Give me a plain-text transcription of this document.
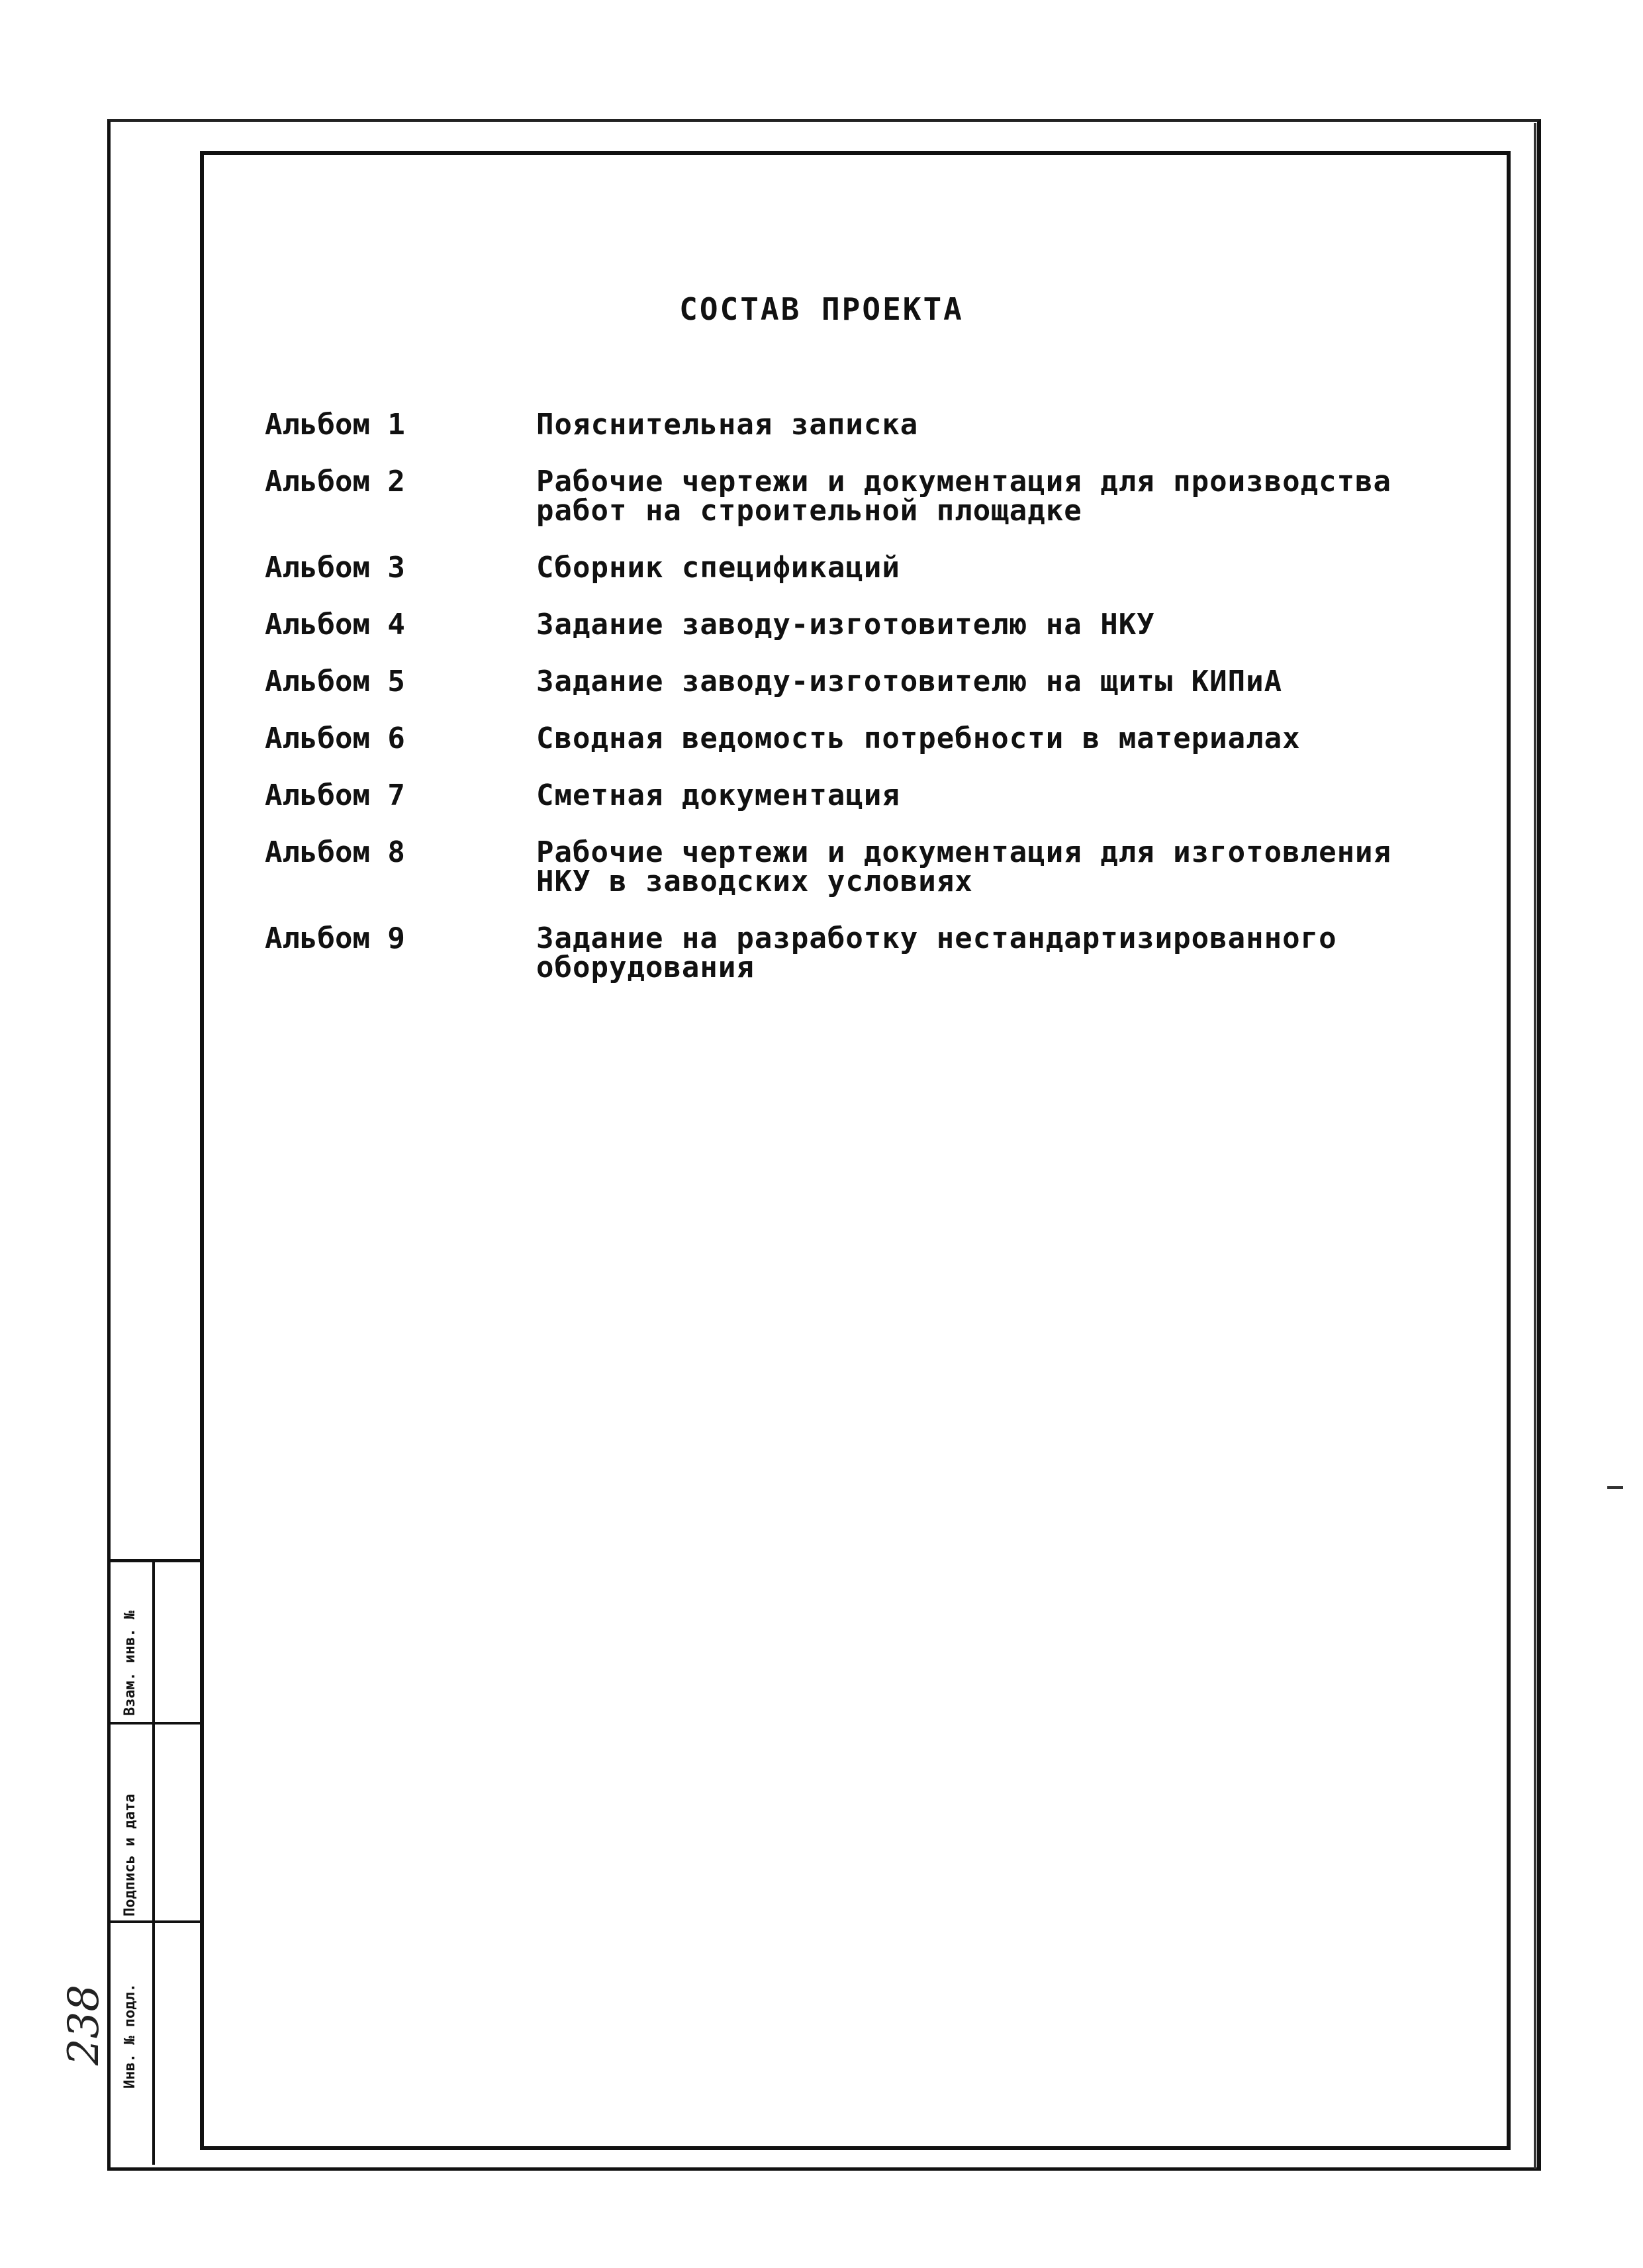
СОСТАВ ПРОЕКТА
Альбом 1	Пояснительная записка
Альбом 2	Рабочие чертежи и документация для производства
работ на строительной площадке
Альбом 3	Сборник спецификаций
Альбом 4	Задание заводу-изготовителю на НКУ
Альбом 5	Задание заводу-изготовителю на щиты КИПиА
Альбом 6	Сводная ведомость потребности в материалах
Альбом 7	Сметная документация
Альбом 8	Рабочие чертежи и документация для изготовления
НКУ в заводских условиях
Альбом 9	Задание на разработку нестандартизированного
оборудования
Взам. инв. №
Подпись и дата
Инв. № подл.
238
